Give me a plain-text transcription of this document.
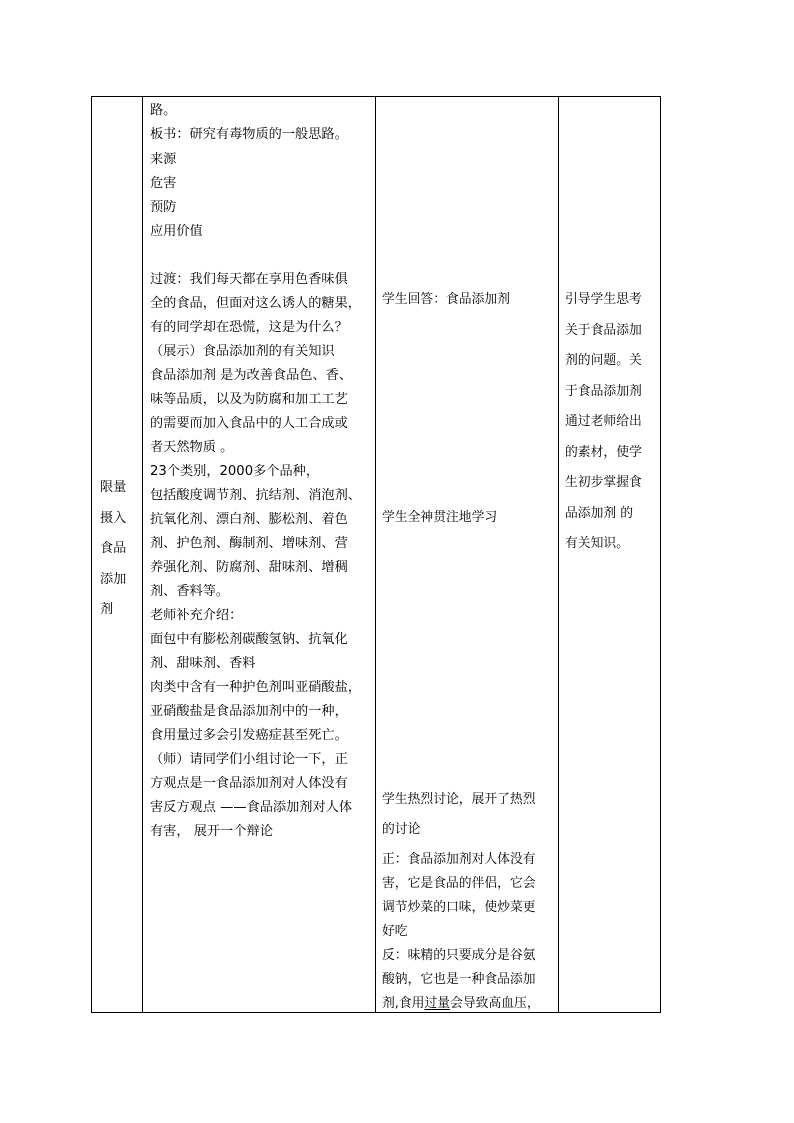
限量
摄入
食品
添加
剂

路。
板书：研究有毒物质的一般思路。
来源
危害
预防
应用价值
过渡：我们每天都在享用色香味俱
全的食品，但面对这么诱人的糖果，
有的同学却在恐慌，这是为什么？
（展示）食品添加剂的有关知识
食品添加剂 是为改善食品色、香、
味等品质，以及为防腐和加工工艺
的需要而加入食品中的人工合成或
者天然物质 。
23个类别，2000多个品种，
包括酸度调节剂、抗结剂、消泡剂、
抗氧化剂、漂白剂、膨松剂、着色
剂、护色剂、酶制剂、增味剂、营
养强化剂、防腐剂、甜味剂、增稠
剂、香料等。
老师补充介绍：
面包中有膨松剂碳酸氢钠、抗氧化
剂、甜味剂、香料
肉类中含有一种护色剂叫亚硝酸盐，
亚硝酸盐是食品添加剂中的一种，
食用量过多会引发癌症甚至死亡。
（师）请同学们小组讨论一下，正
方观点是一食品添加剂对人体没有
害反方观点 ——食品添加剂对人体
有害， 展开一个辩论

学生回答：食品添加剂
学生全神贯注地学习
学生热烈讨论，展开了热烈
的讨论
正：食品添加剂对人体没有
害，它是食品的伴侣，它会
调节炒菜的口味，使炒菜更
好吃
反：味精的只要成分是谷氨
酸钠，它也是一种食品添加
剂,食用过量会导致高血压，

引导学生思考
关于食品添加
剂的问题。关
于食品添加剂
通过老师给出
的素材，使学
生初步掌握食
品添加剂 的
有关知识。
